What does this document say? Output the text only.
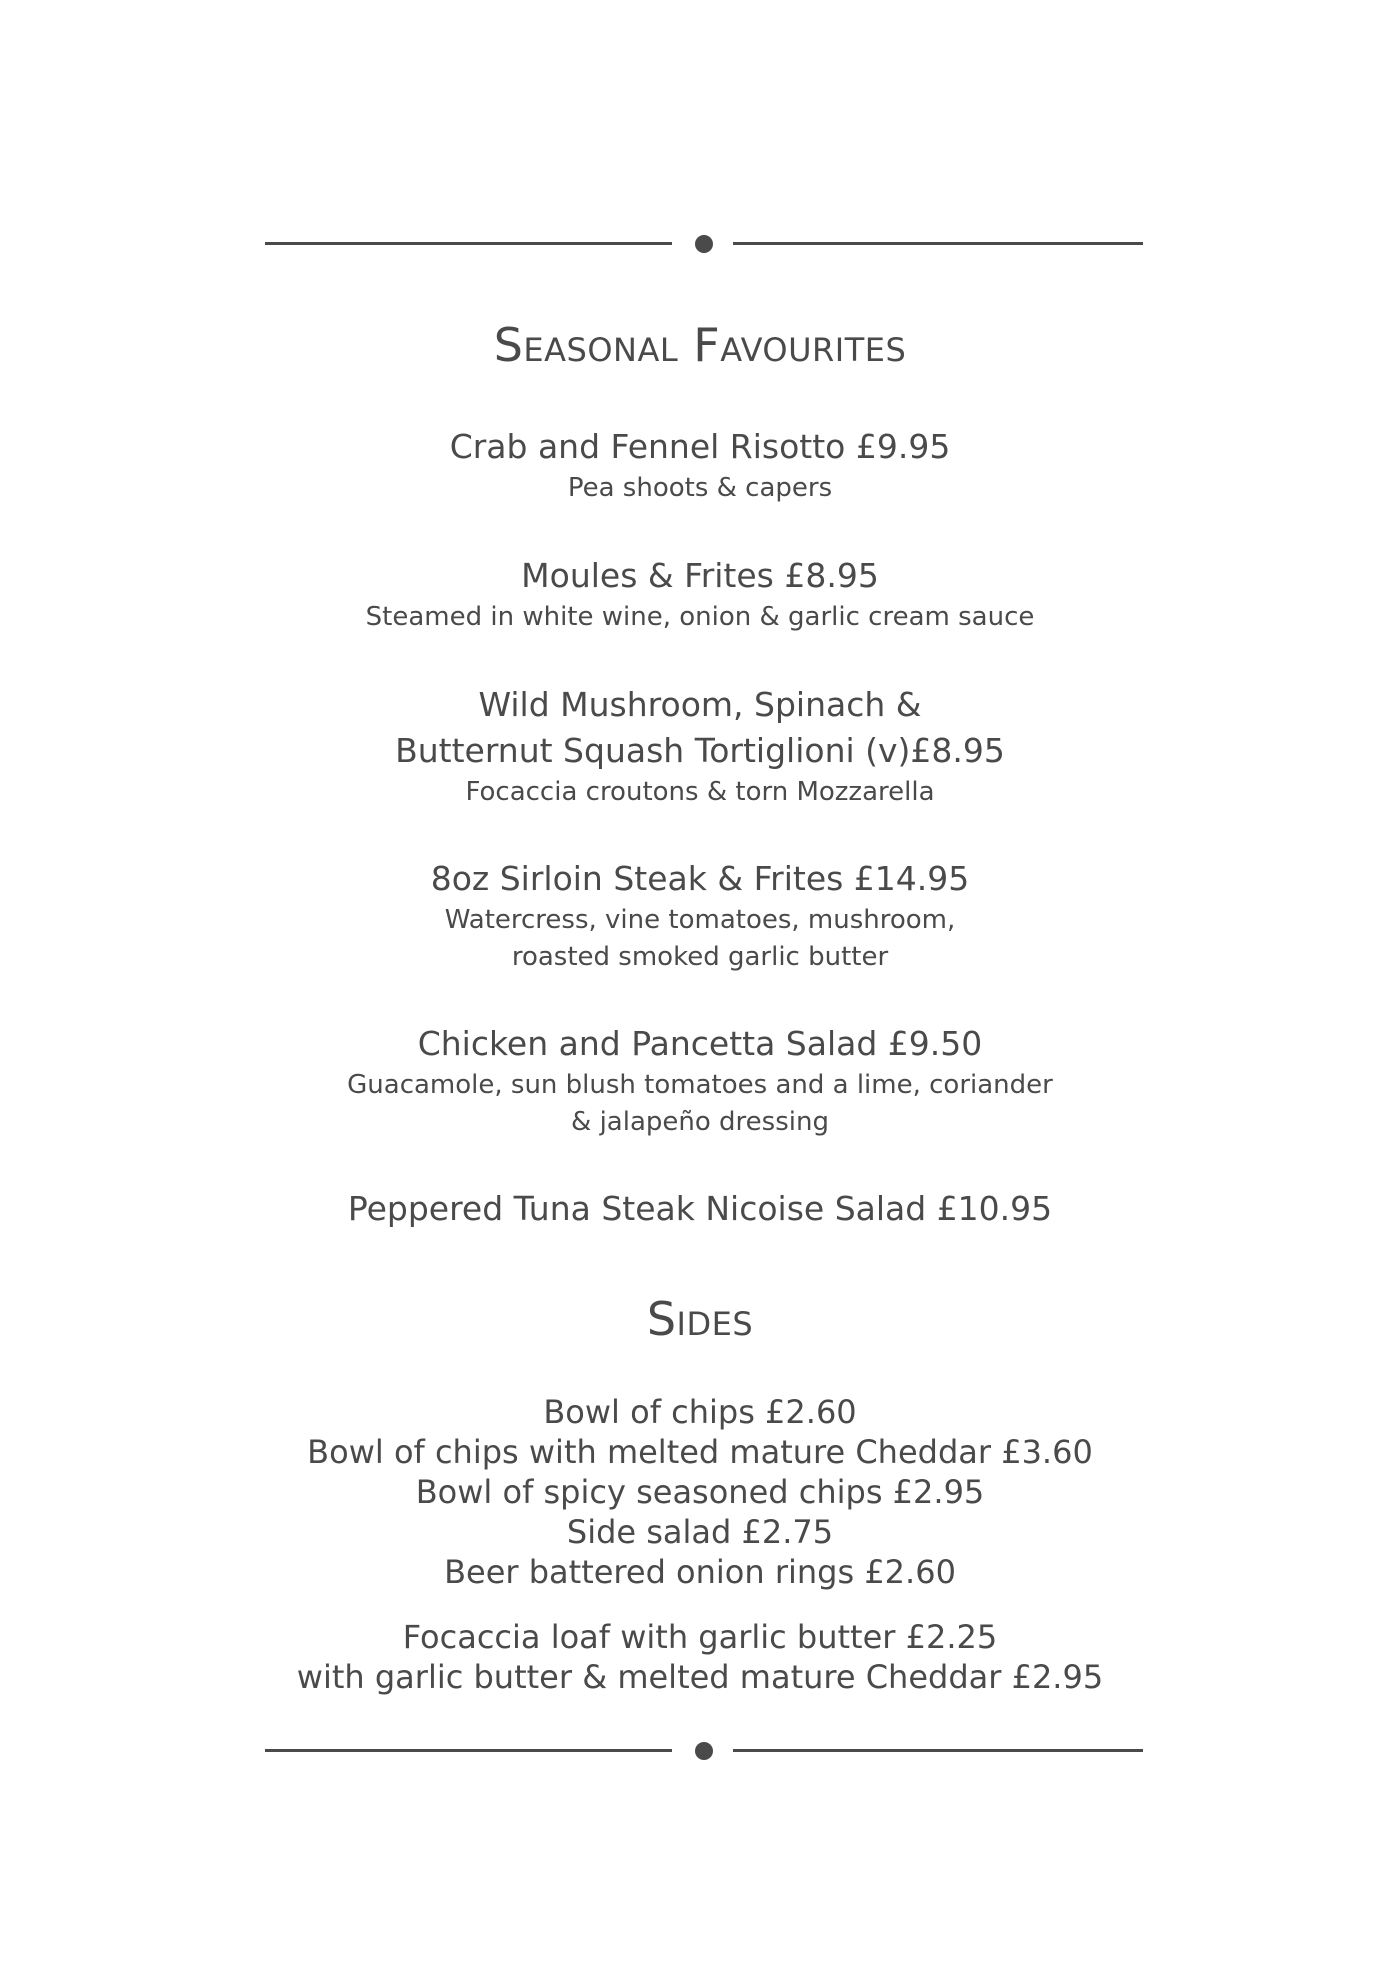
Seasonal Favourites
Crab and Fennel Risotto £9.95
Pea shoots & capers
Moules & Frites £8.95
Steamed in white wine, onion & garlic cream sauce
Wild Mushroom, Spinach &
Butternut Squash Tortiglioni (v)£8.95
Focaccia croutons & torn Mozzarella
8oz Sirloin Steak & Frites £14.95
Watercress, vine tomatoes, mushroom,
roasted smoked garlic butter
Chicken and Pancetta Salad £9.50
Guacamole, sun blush tomatoes and a lime, coriander
& jalapeño dressing
Peppered Tuna Steak Nicoise Salad £10.95
Sides
Bowl of chips £2.60
Bowl of chips with melted mature Cheddar £3.60
Bowl of spicy seasoned chips £2.95
Side salad £2.75
Beer battered onion rings £2.60
Focaccia loaf with garlic butter £2.25
with garlic butter & melted mature Cheddar £2.95
